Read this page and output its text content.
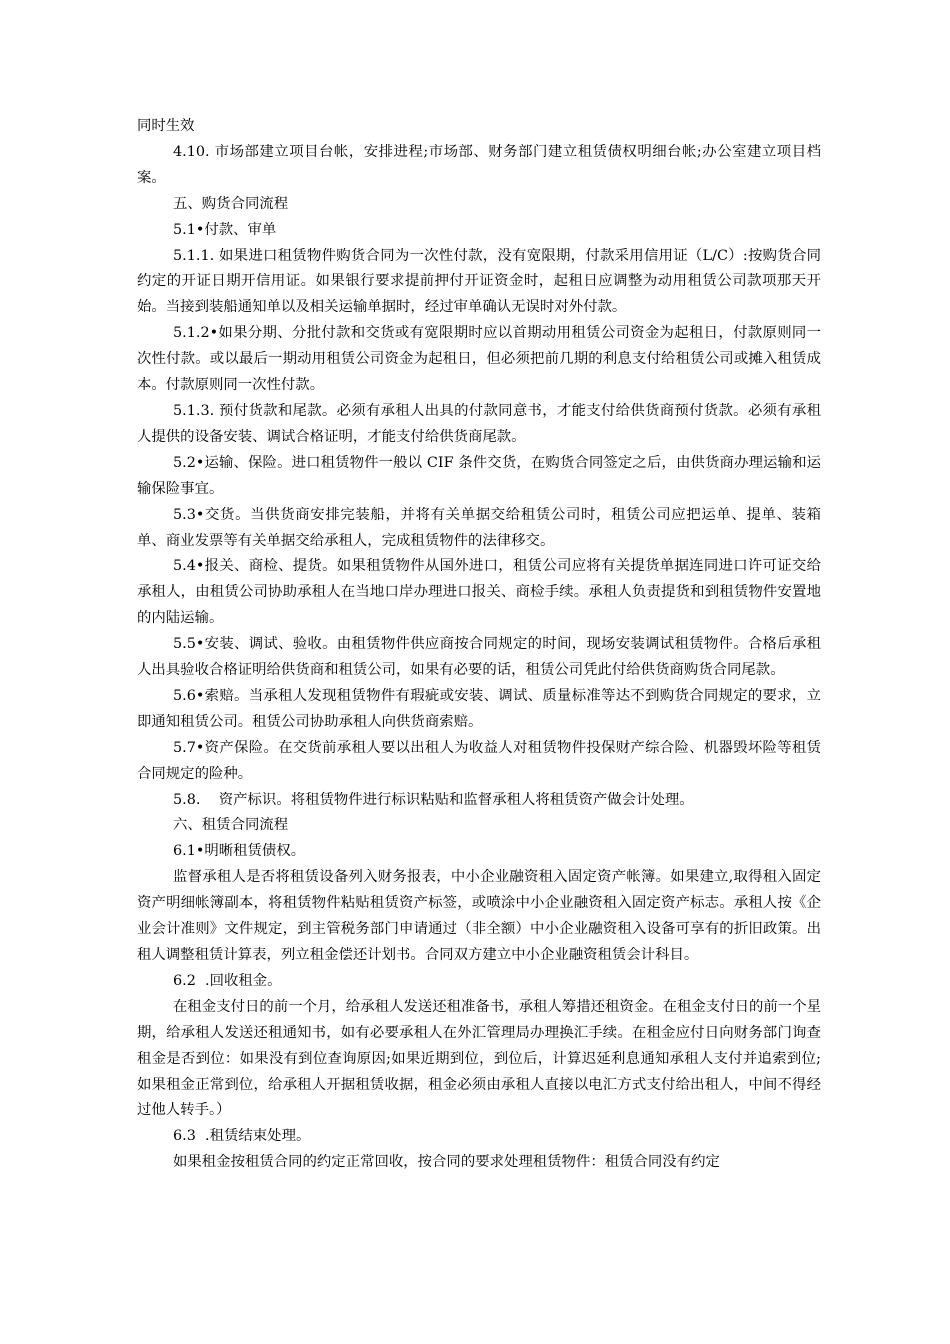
同时生效

4.10. 市场部建立项目台帐，安排进程;市场部、财务部门建立租赁债权明细台帐;办公室建立项目档案。

五、购货合同流程

5.1•付款、审单

5.1.1. 如果进口租赁物件购货合同为一次性付款，没有宽限期，付款采用信用证（L/C）:按购货合同约定的开证日期开信用证。如果银行要求提前押付开证资金时，起租日应调整为动用租赁公司款项那天开始。当接到装船通知单以及相关运输单据时，经过审单确认无误时对外付款。

5.1.2•如果分期、分批付款和交货或有宽限期时应以首期动用租赁公司资金为起租日，付款原则同一次性付款。或以最后一期动用租赁公司资金为起租日，但必须把前几期的利息支付给租赁公司或摊入租赁成本。付款原则同一次性付款。

5.1.3. 预付货款和尾款。必须有承租人出具的付款同意书，才能支付给供货商预付货款。必须有承租人提供的设备安装、调试合格证明，才能支付给供货商尾款。

5.2•运输、保险。进口租赁物件一般以 CIF 条件交货，在购货合同签定之后，由供货商办理运输和运输保险事宜。

5.3•交货。当供货商安排完装船，并将有关单据交给租赁公司时，租赁公司应把运单、提单、装箱单、商业发票等有关单据交给承租人，完成租赁物件的法律移交。

5.4•报关、商检、提货。如果租赁物件从国外进口，租赁公司应将有关提货单据连同进口许可证交给承租人，由租赁公司协助承租人在当地口岸办理进口报关、商检手续。承租人负责提货和到租赁物件安置地的内陆运输。

5.5•安装、调试、验收。由租赁物件供应商按合同规定的时间，现场安装调试租赁物件。合格后承租人出具验收合格证明给供货商和租赁公司，如果有必要的话，租赁公司凭此付给供货商购货合同尾款。

5.6•索赔。当承租人发现租赁物件有瑕疵或安装、调试、质量标准等达不到购货合同规定的要求，立即通知租赁公司。租赁公司协助承租人向供货商索赔。

5.7•资产保险。在交货前承租人要以出租人为收益人对租赁物件投保财产综合险、机器毁坏险等租赁合同规定的险种。

5.8.    资产标识。将租赁物件进行标识粘贴和监督承租人将租赁资产做会计处理。

六、租赁合同流程

6.1•明晰租赁债权。

监督承租人是否将租赁设备列入财务报表，中小企业融资租入固定资产帐簿。如果建立,取得租入固定资产明细帐簿副本，将租赁物件粘贴租赁资产标签，或喷涂中小企业融资租入固定资产标志。承租人按《企业会计准则》文件规定，到主管税务部门申请通过（非全额）中小企业融资租入设备可享有的折旧政策。出租人调整租赁计算表，列立租金偿还计划书。合同双方建立中小企业融资租赁会计科目。

6.2  .回收租金。

在租金支付日的前一个月，给承租人发送还租准备书，承租人筹措还租资金。在租金支付日的前一个星期，给承租人发送还租通知书，如有必要承租人在外汇管理局办理换汇手续。在租金应付日向财务部门询查租金是否到位：如果没有到位查询原因;如果近期到位，到位后，计算迟延利息通知承租人支付并追索到位;如果租金正常到位，给承租人开据租赁收据，租金必须由承租人直接以电汇方式支付给出租人，中间不得经过他人转手。）

6.3  .租赁结束处理。

如果租金按租赁合同的约定正常回收，按合同的要求处理租赁物件：租赁合同没有约定
